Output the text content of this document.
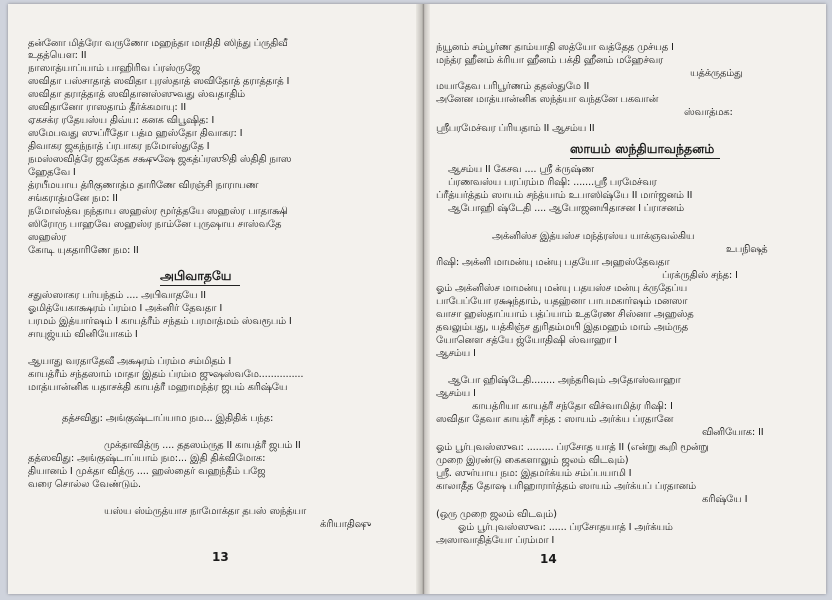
தன்னோ மித்ரோ வருணோ மஹந்தா மாதிதி ஸிந்து ப்ருதிவீ
உதத்யௌ: II
நாஸாத்யாப்யாம் பாஹிரிவ ப்ரஸ்ருஜே
ஸவிதா பஸ்சாதாத் ஸவிதா புரஸ்தாத் ஸவிதோத் தராத்தாத் I
ஸவிதா தராத்தாத் ஸவிதானஸ்ஸுவது ஸ்வதாதிம்
ஸவிதானோ ராஸதாம் தீர்க்கமாயு: II
ஏகசக்ர ரதேயஸ்ய திவ்ய: கனக விபூஷித: I
ஸமேபவது ஸுப்ரீதோ பத்ம ஹஸ்தோ திவாகர: I
திவாகர ஜகந்நாத் ப்ரபாகர நமோஸ்துதே I
நமஸ்ஸவித்ரே ஜகதேக சக்ஷுஷே ஜகத்ப்ரஸூதி ஸ்திதி நாஸ
ஹேதவே I
த்ரயீமயாய த்ரிகுணாத்ம தாரிணே விரஞ்சி நாராயண
சங்கராத்மனே நம: II
நமோஸ்த்வ நந்தாய ஸஹஸ்ர மூர்த்தயே ஸஹஸ்ர பாதாக்ஷி
ஸிரோரு பாஹவே ஸஹஸ்ர நாம்னே புருஷாய சாஸ்வதே
ஸஹஸ்ர
கோடி யுகதாரிணே நம: II
சதுஸ்ஸாகர பர்யந்தம் .... அபிவாதயே II
ஓமித்யேகாக்ஷரம் ப்ரம்ம I அக்னிர் தேவதா I
பரமம் இத்யார்ஷம் I காயத்ரீம் சந்தம் பரமாத்மம் ஸ்வரூபம் I
சாயுஜ்யம் வினியோகம் I
ஆயாது வரதாதேவீ அக்ஷரம் ப்ரம்ம சம்மிதம் I
காயத்ரீம் சந்தஸாம் மாதா இதம் ப்ரம்ம ஜுஷஸ்வமே...............
மாத்யான்னிக யதாசக்தி காயத்ரீ மஹாமந்த்ர ஜபம் கரிஷ்யே
தத்சவிது: அங்குஷ்டாப்யாம நம... இதிதிக் பந்த:
முக்தாவித்ரு .... ததஸம்ருத II காயத்ரீ ஜபம் II
தத்ஸவிது: அங்குஷ்டாப்யாம் நம:... இதி திக்விமோக:
தியானம் I முக்தா வித்ரு .... ஹஸ்தைர் வஹந்தீம் பஜே
வரை சொல்ல வேண்டும்.
யஸ்ய ஸ்ம்ருத்யாச நாமோக்தா தபஸ் ஸந்த்யா
க்ரியாதிஷு
அபிவாதயே
13
ந்யூனம் சம்பூர்ண தாம்யாதி ஸத்யோ வத்தேத முச்யத I
மந்த்ர ஹீனம் க்ரியா ஹீனம் பக்தி ஹீனம் மஹேச்வர
யத்க்ருதம்து
மயாதேவ பரிபூர்ணம் ததஸ்துமே II
அனேன மாத்யான்னிக ஸந்த்யா வந்தனே பகவான்
ஸ்வாத்மக:
ஸ்ரீபரமேச்வர ப்ரியதாம் II ஆசம்ய II
ஆசம்ய II கேசவ .... ஸ்ரீ க்ருஷ்ண
ப்ரணவஸ்ய பரப்ரம்ம ரிஷி: .......ஸ்ரீ பரமேச்வர
ப்ரீத்யர்த்தம் ஸாயம் சந்த்யாம் உபாஸிஷ்யே II மார்ஜனம் II
ஆபோஹி ஷ்டேதி .... ஆபோஜனயிதாசன I ப்ராசனம்
அக்னிஸ்ச இத்யஸ்ச மந்த்ரஸ்ய யாக்ஞவல்கிய
உபநிஷத்
ரிஷி: அக்னி மாமன்யு மன்யு பதயோ அஹஸ்தேவதா
ப்ரக்ருதிஸ் சந்த: I
ஓம் அக்னிஸ்ச மாமன்யு மன்யு பதயஸ்ச மன்யு க்ருதேப்ய
பாபேப்யோ ரக்ஷந்தாம், யதஹ்னா பாபமகார்ஷம் மனஸா
வாசா ஹஸ்தாப்யாம் பத்ப்யாம் உதரேண சிஸ்னா அஹஸ்த
தவலும்பது, யத்கிஞ்ச துரிதம்மயி இதமஹம் மாம் அம்ருத
யோனௌ சத்யே ஜ்யோதிஷி ஸ்வாஹா I
ஆசம்ய I
ஆபோ ஹிஷ்டேதி........ அந்தரிவும் அதோஸ்வாஹா
ஆசம்ய I
காயத்ரியா காயத்ரீ சந்தோ விச்வாமித்ர ரிஷி: I
ஸவிதா தேவா காயத்ரீ சந்த : ஸாயம் அர்க்ய ப்ரதானே
வினியோக: II
ஓம் பூர்புவஸ்ஸுவ: ......... ப்ரசோத யாத் II (என்று கூறி மூன்று
முறை இரண்டு கைகளாலும் ஜலம் விடவும்)
ஸ்ரீ. ஸுர்யாய நம: இதமர்க்யம் சம்ப்பயாமி I
காலாதீத தோஷ பரிஹாரார்த்தம் ஸாயம் அர்க்யப் ப்ரதானம்
கரிஷ்யே I
(ஒரு முறை ஜலம் விடவும்)
ஓம் பூர்புவஸ்ஸுவ: ...... ப்ரசோதயாத் I அர்க்யம்
அஸாவாதித்யோ ப்ரம்மா I
ஸாயம் ஸந்தியாவந்தனம்
14
